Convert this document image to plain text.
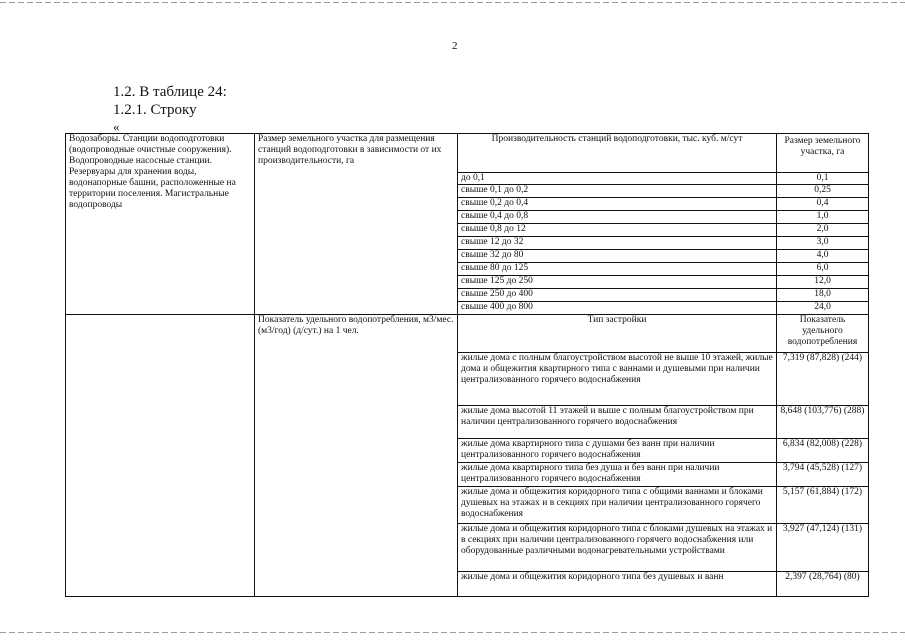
2
1.2. В таблице 24:
1.2.1. Строку
«
Водозаборы. Станции водоподготовки (водопроводные очистные сооружения). Водопроводные насосные станции. Резервуары для хранения воды, водонапорные башни, расположенные на территории поселения. Магистральные водопроводы	Размер земельного участка для размещения станций водоподготовки в зависимости от их производительности, га	Производительность станций водоподготовки, тыс. куб. м/сут	Размер земельного участка, га
		до 0,1	0,1
		свыше 0,1 до 0,2	0,25
		свыше 0,2 до 0,4	0,4
		свыше 0,4 до 0,8	1,0
		свыше 0,8 до 12	2,0
		свыше 12 до 32	3,0
		свыше 32 до 80	4,0
		свыше 80 до 125	6,0
		свыше 125 до 250	12,0
		свыше 250 до 400	18,0
		свыше 400 до 800	24,0
	Показатель удельного водопотребления, м3/мес. (м3/год) (д/сут.) на 1 чел.	Тип застройки	Показатель удельного водопотребления
		жилые дома с полным благоустройством высотой не выше 10 этажей, жилые дома и общежития квартирного типа с ваннами и душевыми при наличии централизованного горячего водоснабжения	7,319 (87,828) (244)
		жилые дома высотой 11 этажей и выше с полным благоустройством при наличии централизованного горячего водоснабжения	8,648 (103,776) (288)
		жилые дома квартирного типа с душами без ванн при наличии централизованного горячего водоснабжения	6,834 (82,008) (228)
		жилые дома квартирного типа без душа и без ванн при наличии централизованного горячего водоснабжения	3,794 (45,528) (127)
		жилые дома и общежития коридорного типа с общими ваннами и блоками душевых на этажах и в секциях при наличии централизованного горячего водоснабжения	5,157 (61,884) (172)
		жилые дома и общежития коридорного типа с блоками душевых на этажах и в секциях при наличии централизованного горячего водоснабжения или оборудованные различными водонагревательными устройствами	3,927 (47,124) (131)
		жилые дома и общежития коридорного типа без душевых и ванн	2,397 (28,764) (80)
